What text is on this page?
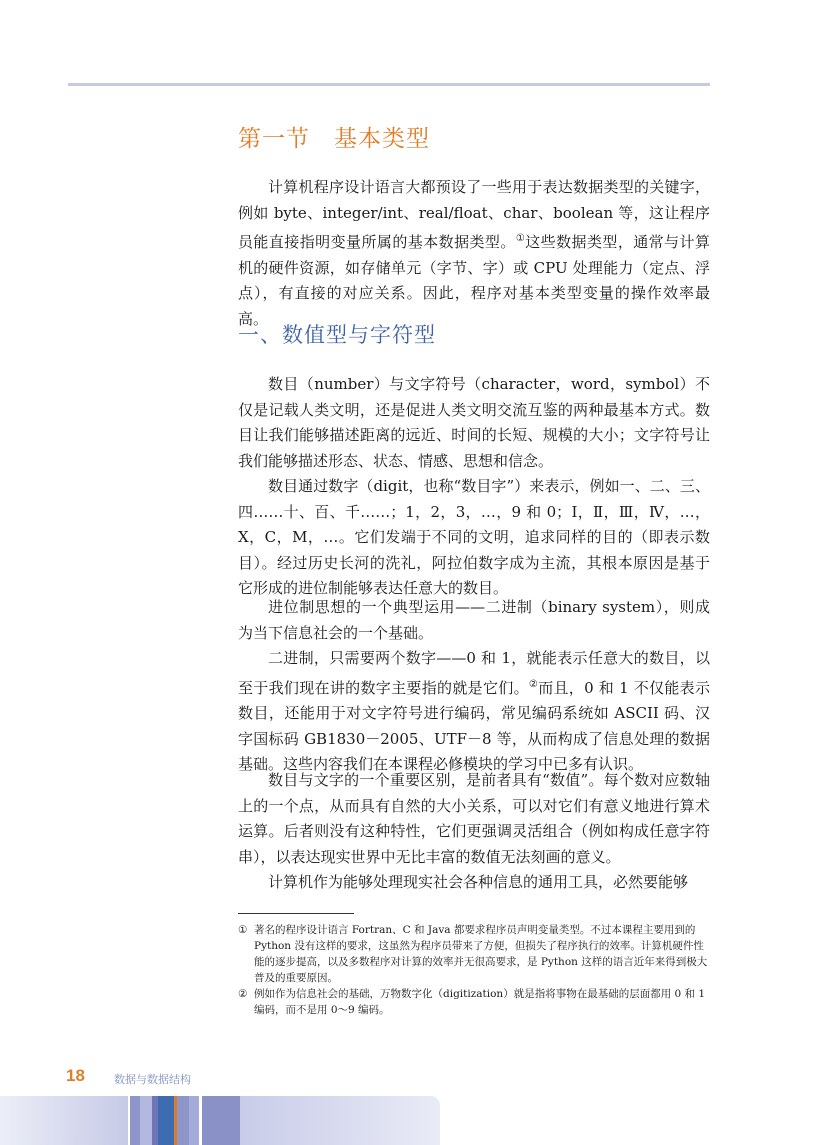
第一节　基本类型

计算机程序设计语言大都预设了一些用于表达数据类型的关键字，例如 byte、integer/int、real/float、char、boolean 等，这让程序员能直接指明变量所属的基本数据类型。①这些数据类型，通常与计算机的硬件资源，如存储单元（字节、字）或 CPU 处理能力（定点、浮点），有直接的对应关系。因此，程序对基本类型变量的操作效率最高。

一、数值型与字符型

数目（number）与文字符号（character，word，symbol）不仅是记载人类文明，还是促进人类文明交流互鉴的两种最基本方式。数目让我们能够描述距离的远近、时间的长短、规模的大小；文字符号让我们能够描述形态、状态、情感、思想和信念。

数目通过数字（digit，也称“数目字”）来表示，例如一、二、三、四……十、百、千……；1，2，3，…，9 和 0；Ⅰ，Ⅱ，Ⅲ，Ⅳ，…，X，C，M，…。它们发端于不同的文明，追求同样的目的（即表示数目）。经过历史长河的洗礼，阿拉伯数字成为主流，其根本原因是基于它形成的进位制能够表达任意大的数目。

进位制思想的一个典型运用——二进制（binary system），则成为当下信息社会的一个基础。

二进制，只需要两个数字——0 和 1，就能表示任意大的数目，以至于我们现在讲的数字主要指的就是它们。②而且，0 和 1 不仅能表示数目，还能用于对文字符号进行编码，常见编码系统如 ASCII 码、汉字国标码 GB1830－2005、UTF－8 等，从而构成了信息处理的数据基础。这些内容我们在本课程必修模块的学习中已多有认识。

数目与文字的一个重要区别，是前者具有“数值”。每个数对应数轴上的一个点，从而具有自然的大小关系，可以对它们有意义地进行算术运算。后者则没有这种特性，它们更强调灵活组合（例如构成任意字符串），以表达现实世界中无比丰富的数值无法刻画的意义。

计算机作为能够处理现实社会各种信息的通用工具，必然要能够

① 著名的程序设计语言 Fortran、C 和 Java 都要求程序员声明变量类型。不过本课程主要用到的 Python 没有这样的要求，这虽然为程序员带来了方便，但损失了程序执行的效率。计算机硬件性能的逐步提高，以及多数程序对计算的效率并无很高要求，是 Python 这样的语言近年来得到极大普及的重要原因。

② 例如作为信息社会的基础，万物数字化（digitization）就是指将事物在最基础的层面都用 0 和 1 编码，而不是用 0～9 编码。

18	数据与数据结构
